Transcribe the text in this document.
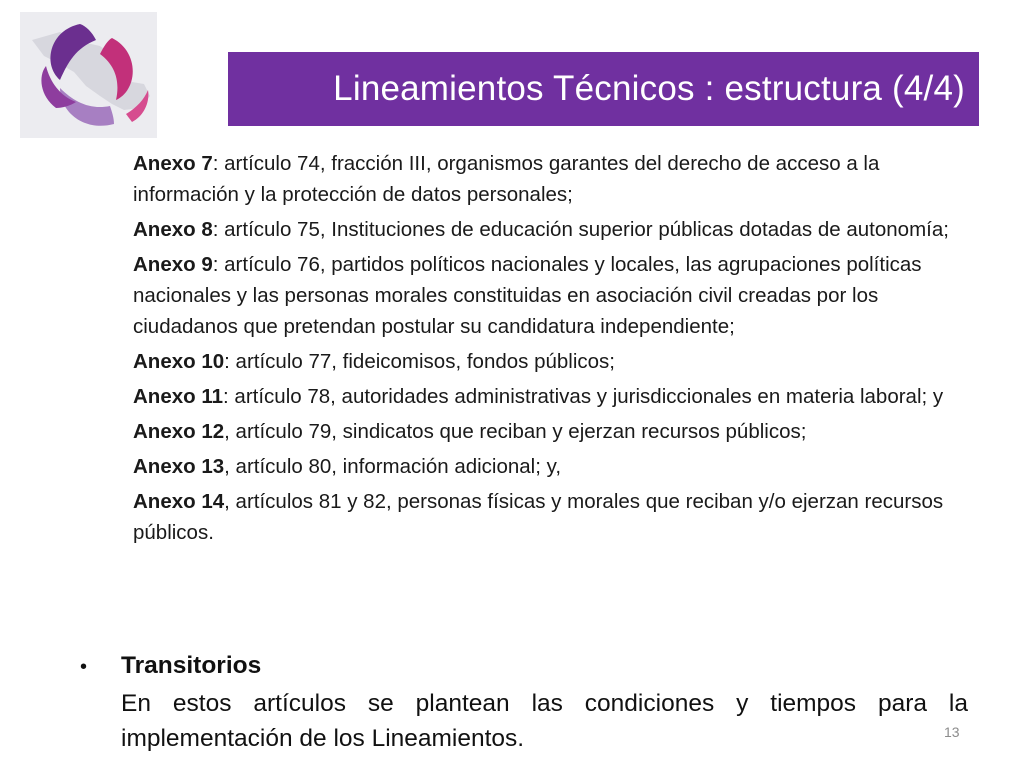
Lineamientos Técnicos : estructura (4/4)
Anexo 7: artículo 74, fracción III, organismos garantes del derecho de acceso a la información y la protección de datos personales;
Anexo 8: artículo 75, Instituciones de educación superior públicas dotadas de autonomía;
Anexo 9: artículo 76, partidos políticos nacionales y locales, las agrupaciones políticas nacionales y las personas morales constituidas en asociación civil creadas por los ciudadanos que pretendan postular su candidatura independiente;
Anexo 10: artículo 77, fideicomisos, fondos públicos;
Anexo 11: artículo 78, autoridades administrativas y jurisdiccionales en materia laboral; y
Anexo 12, artículo 79, sindicatos que reciban y ejerzan recursos públicos;
Anexo 13, artículo 80, información adicional; y,
Anexo 14, artículos 81 y 82, personas físicas y morales que reciban y/o ejerzan recursos públicos.
• Transitorios
En estos artículos se plantean las condiciones y tiempos para la implementación de los Lineamientos.	13
